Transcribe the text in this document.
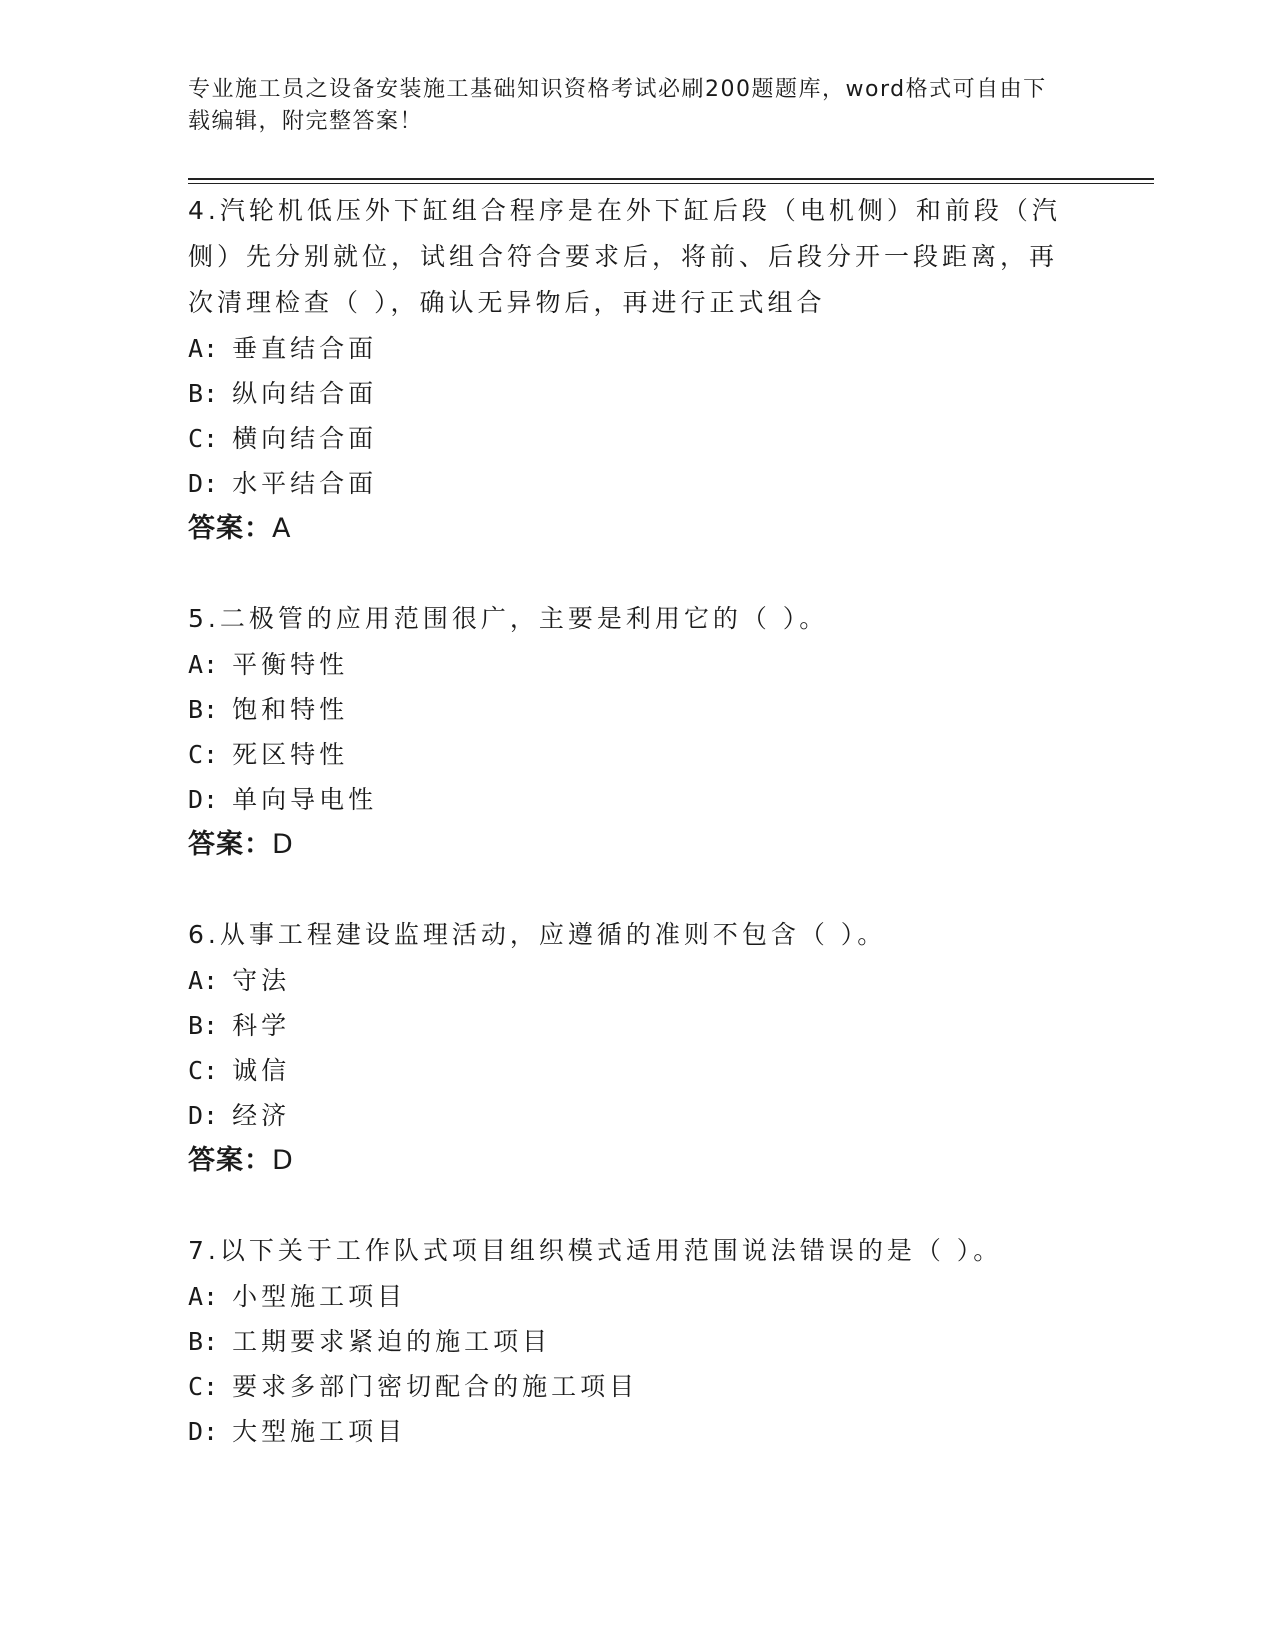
专业施工员之设备安装施工基础知识资格考试必刷200题题库，word格式可自由下载编辑，附完整答案！
4.汽轮机低压外下缸组合程序是在外下缸后段（电机侧）和前段（汽侧）先分别就位，试组合符合要求后，将前、后段分开一段距离，再次清理检查（ ），确认无异物后，再进行正式组合
A: 垂直结合面
B: 纵向结合面
C: 横向结合面
D: 水平结合面
答案：A
5.二极管的应用范围很广，主要是利用它的（ ）。
A: 平衡特性
B: 饱和特性
C: 死区特性
D: 单向导电性
答案：D
6.从事工程建设监理活动，应遵循的准则不包含（ ）。
A: 守法
B: 科学
C: 诚信
D: 经济
答案：D
7.以下关于工作队式项目组织模式适用范围说法错误的是（ ）。
A: 小型施工项目
B: 工期要求紧迫的施工项目
C: 要求多部门密切配合的施工项目
D: 大型施工项目
